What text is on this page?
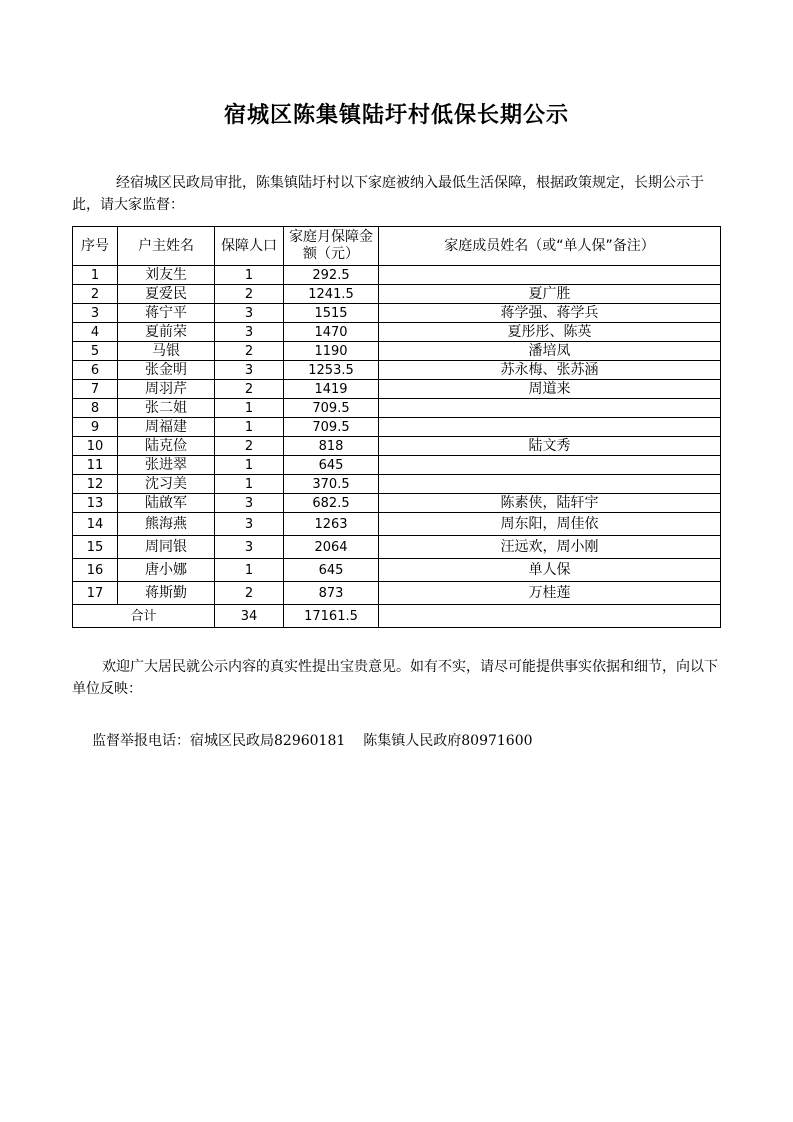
宿城区陈集镇陆圩村低保长期公示
经宿城区民政局审批，陈集镇陆圩村以下家庭被纳入最低生活保障，根据政策规定，长期公示于此，请大家监督：
序号	户主姓名	保障人口	家庭月保障金额（元）	家庭成员姓名（或“单人保”备注）
1	刘友生	1	292.5	
2	夏爱民	2	1241.5	夏广胜
3	蒋宁平	3	1515	蒋学强、蒋学兵
4	夏前荣	3	1470	夏彤彤、陈英
5	马银	2	1190	潘培凤
6	张金明	3	1253.5	苏永梅、张苏涵
7	周羽芹	2	1419	周道来
8	张二姐	1	709.5	
9	周福建	1	709.5	
10	陆克俭	2	818	陆文秀
11	张进翠	1	645	
12	沈习美	1	370.5	
13	陆啟军	3	682.5	陈素侠，陆轩宇
14	熊海燕	3	1263	周东阳，周佳依
15	周同银	3	2064	汪远欢，周小刚
16	唐小娜	1	645	单人保
17	蒋斯勤	2	873	万桂莲
合计		34	17161.5	
欢迎广大居民就公示内容的真实性提出宝贵意见。如有不实，请尽可能提供事实依据和细节，向以下单位反映：
监督举报电话：宿城区民政局82960181 陈集镇人民政府80971600
